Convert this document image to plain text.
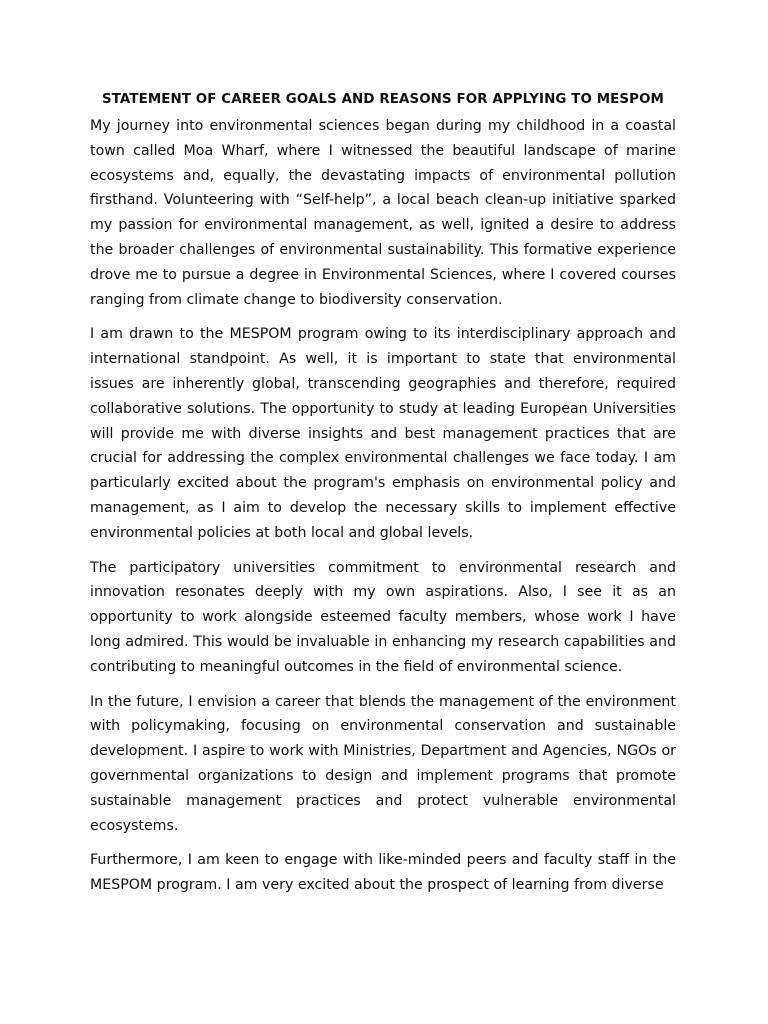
STATEMENT OF CAREER GOALS AND REASONS FOR APPLYING TO MESPOM

My journey into environmental sciences began during my childhood in a coastal town called Moa Wharf, where I witnessed the beautiful landscape of marine ecosystems and, equally, the devastating impacts of environmental pollution firsthand. Volunteering with “Self-help”, a local beach clean-up initiative sparked my passion for environmental management, as well, ignited a desire to address the broader challenges of environmental sustainability. This formative experience drove me to pursue a degree in Environmental Sciences, where I covered courses ranging from climate change to biodiversity conservation.

I am drawn to the MESPOM program owing to its interdisciplinary approach and international standpoint. As well, it is important to state that environmental issues are inherently global, transcending geographies and therefore, required collaborative solutions. The opportunity to study at leading European Universities will provide me with diverse insights and best management practices that are crucial for addressing the complex environmental challenges we face today. I am particularly excited about the program's emphasis on environmental policy and management, as I aim to develop the necessary skills to implement effective environmental policies at both local and global levels.

The participatory universities commitment to environmental research and innovation resonates deeply with my own aspirations. Also, I see it as an opportunity to work alongside esteemed faculty members, whose work I have long admired. This would be invaluable in enhancing my research capabilities and contributing to meaningful outcomes in the field of environmental science.

In the future, I envision a career that blends the management of the environment with policymaking, focusing on environmental conservation and sustainable development. I aspire to work with Ministries, Department and Agencies, NGOs or governmental organizations to design and implement programs that promote sustainable management practices and protect vulnerable environmental ecosystems.

Furthermore, I am keen to engage with like-minded peers and faculty staff in the MESPOM program. I am very excited about the prospect of learning from diverse
